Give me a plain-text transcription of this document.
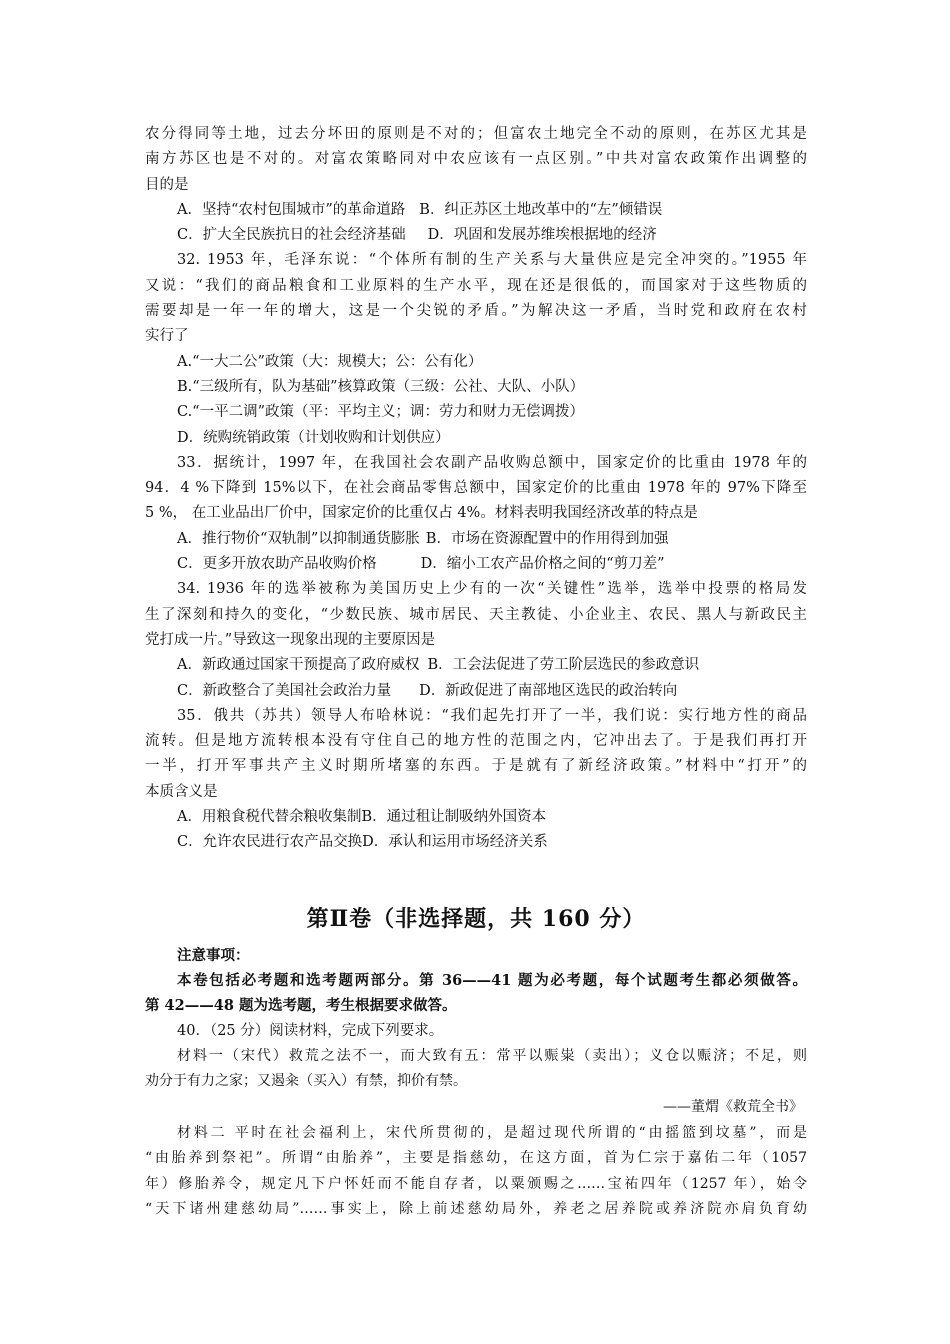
农分得同等土地，过去分坏田的原则是不对的；但富农土地完全不动的原则，在苏区尤其是
南方苏区也是不对的。对富农策略同对中农应该有一点区别。”中共对富农政策作出调整的
目的是
A．坚持“农村包围城市”的革命道路 B．纠正苏区土地改革中的“左”倾错误
C．扩大全民族抗日的社会经济基础 D．巩固和发展苏维埃根据地的经济
32. 1953 年，毛泽东说：“个体所有制的生产关系与大量供应是完全冲突的。”1955 年
又说：“我们的商品粮食和工业原料的生产水平，现在还是很低的，而国家对于这些物质的
需要却是一年一年的增大，这是一个尖锐的矛盾。”为解决这一矛盾，当时党和政府在农村
实行了
A.“一大二公”政策（大：规模大；公：公有化）
B.“三级所有，队为基础”核算政策（三级：公社、大队、小队）
C.“一平二调”政策（平：平均主义；调：劳力和财力无偿调拨）
D．统购统销政策（计划收购和计划供应）
33．据统计，1997 年，在我国社会农副产品收购总额中，国家定价的比重由 1978 年的
94．4 %下降到 15%以下，在社会商品零售总额中，国家定价的比重由 1978 年的 97%下降至
5 %， 在工业品出厂价中，国家定价的比重仅占 4%。材料表明我国经济改革的特点是
A．推行物价“双轨制”以抑制通货膨胀 B．市场在资源配置中的作用得到加强
C．更多开放农助产品收购价格	D．缩小工农产品价格之间的“剪刀差”
34. 1936 年的选举被称为美国历史上少有的一次“关键性”选举，选举中投票的格局发
生了深刻和持久的变化，“少数民族、城市居民、天主教徒、小企业主、农民、黑人与新政民主
党打成一片。”导致这一现象出现的主要原因是
A．新政通过国家干预提高了政府威权 B．工会法促进了劳工阶层选民的参政意识
C．新政整合了美国社会政治力量 D．新政促进了南部地区选民的政治转向
35．俄共（苏共）领导人布哈林说：“我们起先打开了一半，我们说：实行地方性的商品
流转。但是地方流转根本没有守住自己的地方性的范围之内，它冲出去了。于是我们再打开
一半，打开军事共产主义时期所堵塞的东西。于是就有了新经济政策。”材料中“打开”的
本质含义是
A．用粮食税代替余粮收集制B．通过租让制吸纳外国资本
C．允许农民进行农产品交换D．承认和运用市场经济关系
第Ⅱ卷（非选择题，共 160 分）
注意事项：
本卷包括必考题和选考题两部分。第 36——41 题为必考题，每个试题考生都必须做答。
第 42——48 题为选考题，考生根据要求做答。
40．（25 分）阅读材料，完成下列要求。
材料一（宋代）救荒之法不一，而大致有五：常平以赈粜（卖出）；义仓以赈济；不足，则
劝分于有力之家；又遏籴（买入）有禁，抑价有禁。
——董煟《救荒全书》
材料二 平时在社会福利上，宋代所贯彻的，是超过现代所谓的“由摇篮到坟墓”，而是
“由胎养到祭祀”。所谓“由胎养”，主要是指慈幼，在这方面，首为仁宗于嘉佑二年（1057
年）修胎养令，规定凡下户怀妊而不能自存者，以粟颁赐之……宝祐四年（1257 年），始令
“天下诸州建慈幼局”……事实上，除上前述慈幼局外，养老之居养院或养济院亦肩负育幼
